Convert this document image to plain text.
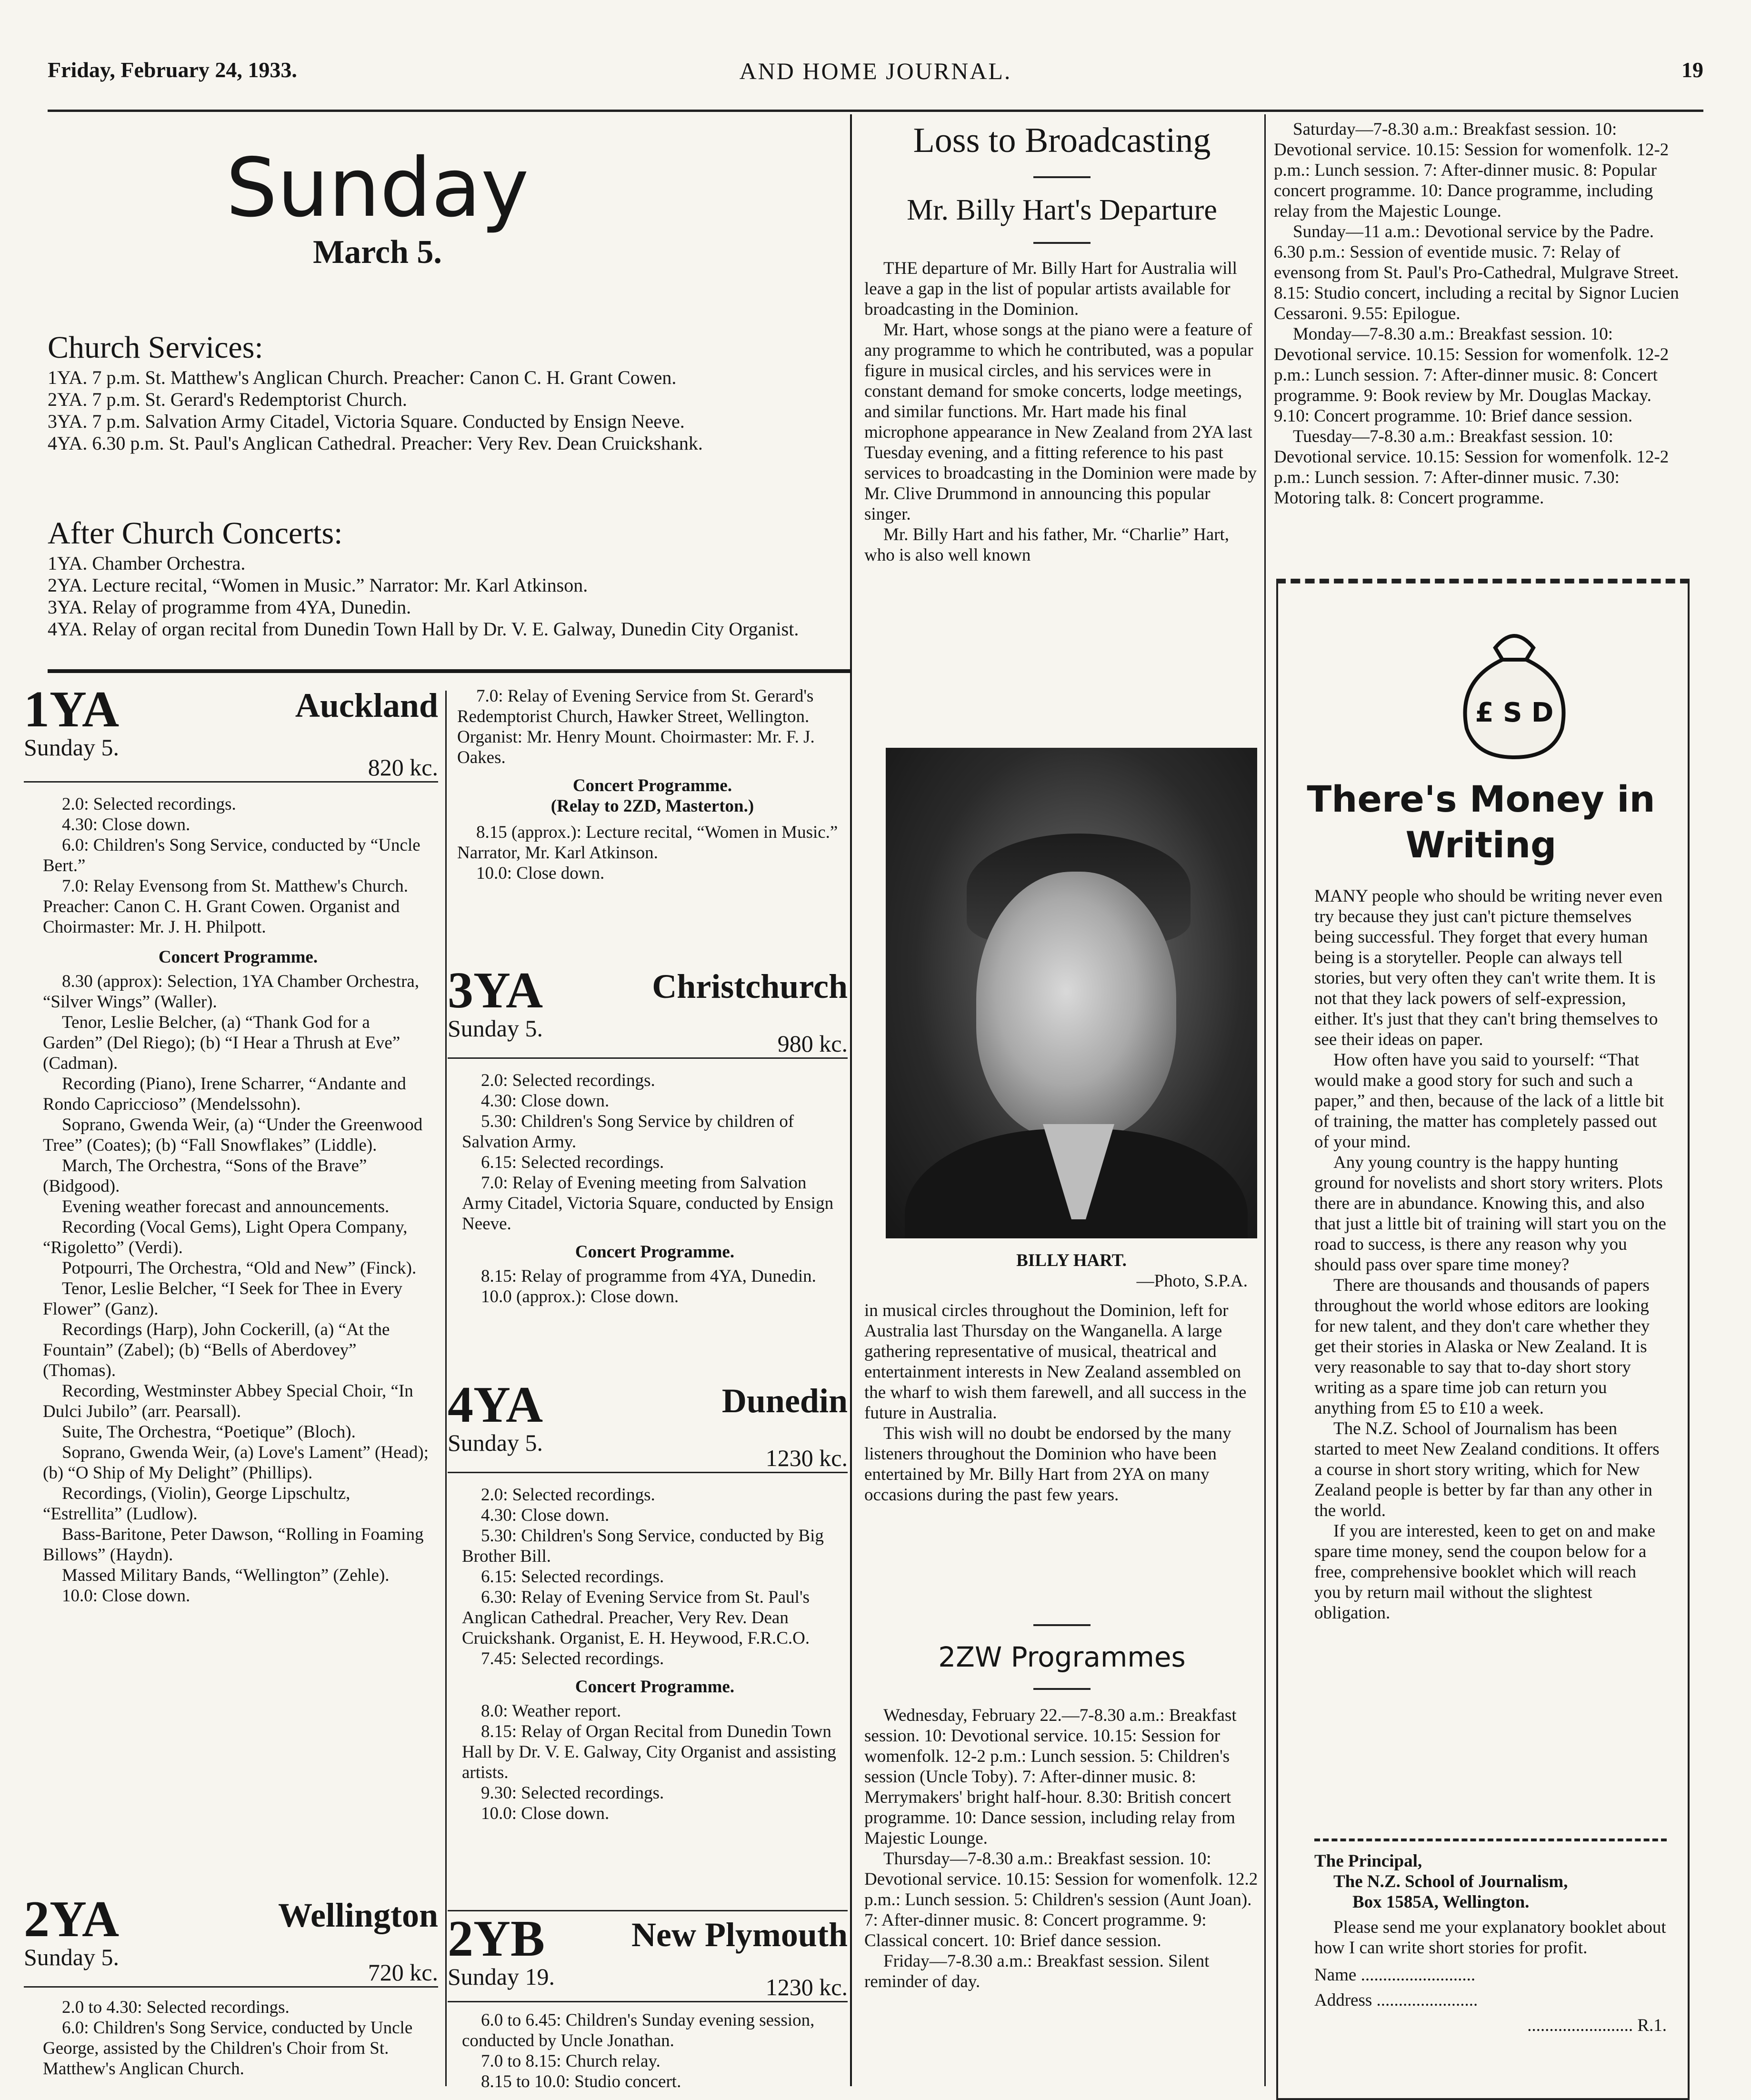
Friday, February 24, 1933.	AND HOME JOURNAL.	19
Sunday
March 5.
Church Services:

1YA. 7 p.m. St. Matthew's Anglican Church. Preacher: Canon C. H. Grant Cowen.

2YA. 7 p.m. St. Gerard's Redemptorist Church.

3YA. 7 p.m. Salvation Army Citadel, Victoria Square. Conducted by Ensign Neeve.

4YA. 6.30 p.m. St. Paul's Anglican Cathedral. Preacher: Very Rev. Dean Cruickshank.

After Church Concerts:

1YA. Chamber Orchestra.

2YA. Lecture recital, “Women in Music.” Narrator: Mr. Karl Atkinson.

3YA. Relay of programme from 4YA, Dunedin.

4YA. Relay of organ recital from Dunedin Town Hall by Dr. V. E. Galway, Dunedin City Organist.

1YA	Auckland
Sunday 5.
820 kc.

2.0: Selected recordings.

4.30: Close down.

6.0: Children's Song Service, conducted by “Uncle Bert.”

7.0: Relay Evensong from St. Matthew's Church. Preacher: Canon C. H. Grant Cowen. Organist and Choirmaster: Mr. J. H. Philpott.

Concert Programme.

8.30 (approx): Selection, 1YA Chamber Orchestra, “Silver Wings” (Waller).

Tenor, Leslie Belcher, (a) “Thank God for a Garden” (Del Riego); (b) “I Hear a Thrush at Eve” (Cadman).

Recording (Piano), Irene Scharrer, “Andante and Rondo Capriccioso” (Mendelssohn).

Soprano, Gwenda Weir, (a) “Under the Greenwood Tree” (Coates); (b) “Fall Snowflakes” (Liddle).

March, The Orchestra, “Sons of the Brave” (Bidgood).

Evening weather forecast and announcements.

Recording (Vocal Gems), Light Opera Company, “Rigoletto” (Verdi).

Potpourri, The Orchestra, “Old and New” (Finck).

Tenor, Leslie Belcher, “I Seek for Thee in Every Flower” (Ganz).

Recordings (Harp), John Cockerill, (a) “At the Fountain” (Zabel); (b) “Bells of Aberdovey” (Thomas).

Recording, Westminster Abbey Special Choir, “In Dulci Jubilo” (arr. Pearsall).

Suite, The Orchestra, “Poetique” (Bloch).

Soprano, Gwenda Weir, (a) Love's Lament” (Head); (b) “O Ship of My Delight” (Phillips).

Recordings, (Violin), George Lipschultz, “Estrellita” (Ludlow).

Bass-Baritone, Peter Dawson, “Rolling in Foaming Billows” (Haydn).

Massed Military Bands, “Wellington” (Zehle).

10.0: Close down.

2YA	Wellington
Sunday 5.
720 kc.

2.0 to 4.30: Selected recordings.

6.0: Children's Song Service, conducted by Uncle George, assisted by the Children's Choir from St. Matthew's Anglican Church.

7.0: Relay of Evening Service from St. Gerard's Redemptorist Church, Hawker Street, Wellington. Organist: Mr. Henry Mount. Choirmaster: Mr. F. J. Oakes.

Concert Programme.

(Relay to 2ZD, Masterton.)

8.15 (approx.): Lecture recital, “Women in Music.” Narrator, Mr. Karl Atkinson.

10.0: Close down.

3YA	Christchurch
Sunday 5.
980 kc.

2.0: Selected recordings.

4.30: Close down.

5.30: Children's Song Service by children of Salvation Army.

6.15: Selected recordings.

7.0: Relay of Evening meeting from Salvation Army Citadel, Victoria Square, conducted by Ensign Neeve.

Concert Programme.

8.15: Relay of programme from 4YA, Dunedin.

10.0 (approx.): Close down.

4YA	Dunedin
Sunday 5.
1230 kc.

2.0: Selected recordings.

4.30: Close down.

5.30: Children's Song Service, conducted by Big Brother Bill.

6.15: Selected recordings.

6.30: Relay of Evening Service from St. Paul's Anglican Cathedral. Preacher, Very Rev. Dean Cruickshank. Organist, E. H. Heywood, F.R.C.O.

7.45: Selected recordings.

Concert Programme.

8.0: Weather report.

8.15: Relay of Organ Recital from Dunedin Town Hall by Dr. V. E. Galway, City Organist and assisting artists.

9.30: Selected recordings.

10.0: Close down.

2YB	New Plymouth
Sunday 19.	1230 kc.

6.0 to 6.45: Children's Sunday evening session, conducted by Uncle Jonathan.

7.0 to 8.15: Church relay.

8.15 to 10.0: Studio concert.

Loss to Broadcasting
Mr. Billy Hart's Departure

THE departure of Mr. Billy Hart for Australia will leave a gap in the list of popular artists available for broadcasting in the Dominion.

Mr. Hart, whose songs at the piano were a feature of any programme to which he contributed, was a popular figure in musical circles, and his services were in constant demand for smoke concerts, lodge meetings, and similar functions. Mr. Hart made his final microphone appearance in New Zealand from 2YA last Tuesday evening, and a fitting reference to his past services to broadcasting in the Dominion were made by Mr. Clive Drummond in announcing this popular singer.

Mr. Billy Hart and his father, Mr. “Charlie” Hart, who is also well known

BILLY HART.
—Photo, S.P.A.

in musical circles throughout the Dominion, left for Australia last Thursday on the Wanganella. A large gathering representative of musical, theatrical and entertainment interests in New Zealand assembled on the wharf to wish them farewell, and all success in the future in Australia.

This wish will no doubt be endorsed by the many listeners throughout the Dominion who have been entertained by Mr. Billy Hart from 2YA on many occasions during the past few years.

2ZW Programmes

Wednesday, February 22.—7-8.30 a.m.: Breakfast session. 10: Devotional service. 10.15: Session for womenfolk. 12-2 p.m.: Lunch session. 5: Children's session (Uncle Toby). 7: After-dinner music. 8: Merrymakers' bright half-hour. 8.30: British concert programme. 10: Dance session, including relay from Majestic Lounge.

Thursday—7-8.30 a.m.: Breakfast session. 10: Devotional service. 10.15: Session for womenfolk. 12.2 p.m.: Lunch session. 5: Children's session (Aunt Joan). 7: After-dinner music. 8: Concert programme. 9: Classical concert. 10: Brief dance session.

Friday—7-8.30 a.m.: Breakfast session. Silent reminder of day.

Saturday—7-8.30 a.m.: Breakfast session. 10: Devotional service. 10.15: Session for womenfolk. 12-2 p.m.: Lunch session. 7: After-dinner music. 8: Popular concert programme. 10: Dance programme, including relay from the Majestic Lounge.

Sunday—11 a.m.: Devotional service by the Padre. 6.30 p.m.: Session of eventide music. 7: Relay of evensong from St. Paul's Pro-Cathedral, Mulgrave Street. 8.15: Studio concert, including a recital by Signor Lucien Cessaroni. 9.55: Epilogue.

Monday—7-8.30 a.m.: Breakfast session. 10: Devotional service. 10.15: Session for womenfolk. 12-2 p.m.: Lunch session. 7: After-dinner music. 8: Concert programme. 9: Book review by Mr. Douglas Mackay. 9.10: Concert programme. 10: Brief dance session.

Tuesday—7-8.30 a.m.: Breakfast session. 10: Devotional service. 10.15: Session for womenfolk. 12-2 p.m.: Lunch session. 7: After-dinner music. 7.30: Motoring talk. 8: Concert programme.

£ S D
There's Money in
Writing

MANY people who should be writing never even try because they just can't picture themselves being successful. They forget that every human being is a storyteller. People can always tell stories, but very often they can't write them. It is not that they lack powers of self-expression, either. It's just that they can't bring themselves to see their ideas on paper.

How often have you said to yourself: “That would make a good story for such and such a paper,” and then, because of the lack of a little bit of training, the matter has completely passed out of your mind.

Any young country is the happy hunting ground for novelists and short story writers. Plots there are in abundance. Knowing this, and also that just a little bit of training will start you on the road to success, is there any reason why you should pass over spare time money?

There are thousands and thousands of papers throughout the world whose editors are looking for new talent, and they don't care whether they get their stories in Alaska or New Zealand. It is very reasonable to say that to-day short story writing as a spare time job can return you anything from £5 to £10 a week.

The N.Z. School of Journalism has been started to meet New Zealand conditions. It offers a course in short story writing, which for New Zealand people is better by far than any other in the world.

If you are interested, keen to get on and make spare time money, send the coupon below for a free, comprehensive booklet which will reach you by return mail without the slightest obligation.

The Principal,
The N.Z. School of Journalism,
Box 1585A, Wellington.
Please send me your explanatory booklet about how I can write short stories for profit.
Name ..........................
Address .......................
........................ R.1.
